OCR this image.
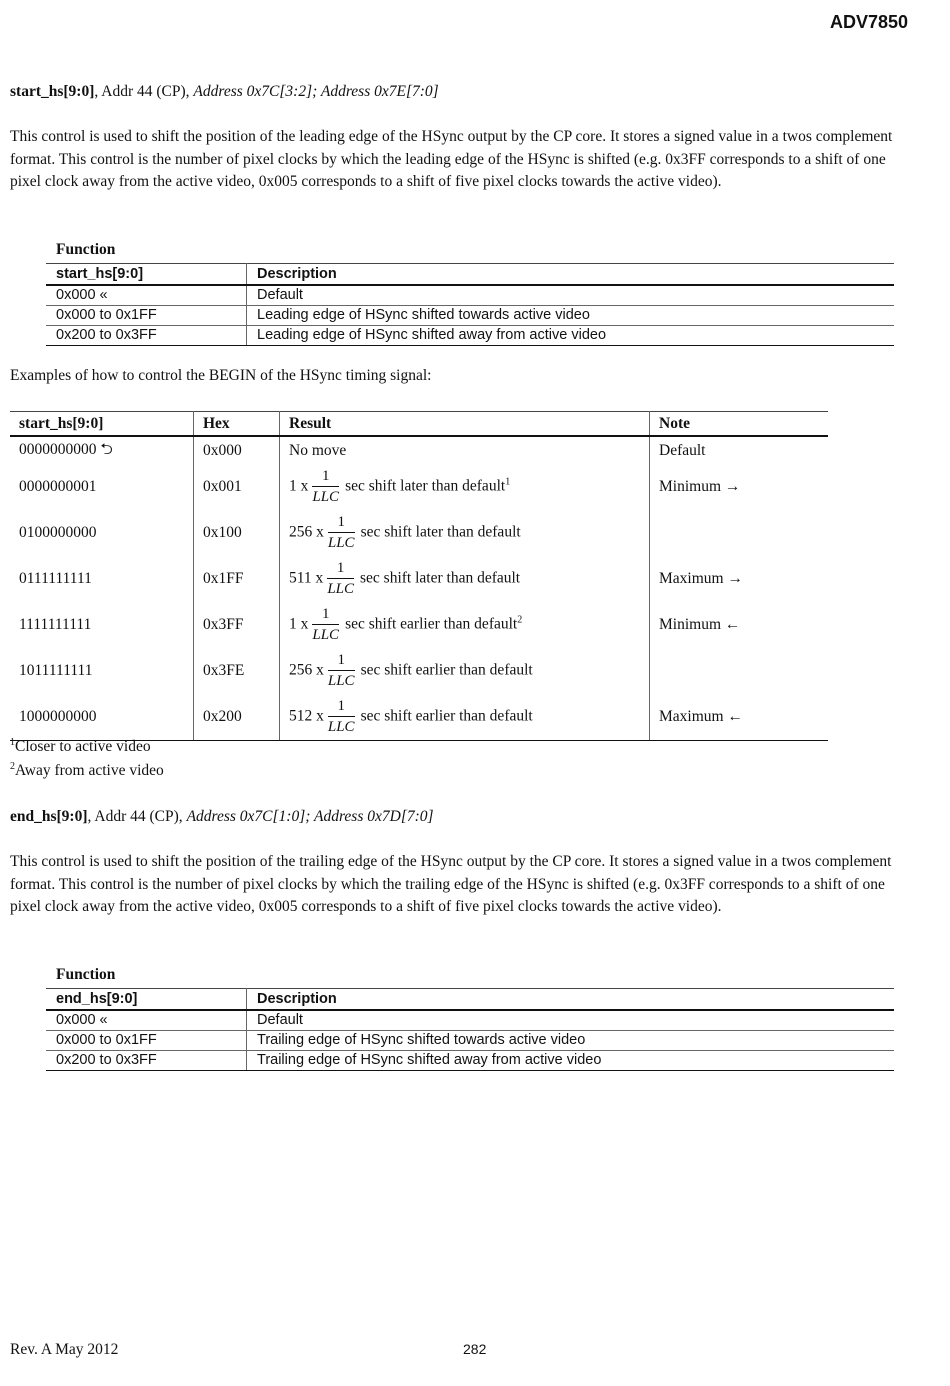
ADV7850
start_hs[9:0], Addr 44 (CP), Address 0x7C[3:2]; Address 0x7E[7:0]
This control is used to shift the position of the leading edge of the HSync output by the CP core. It stores a signed value in a twos complement format. This control is the number of pixel clocks by which the leading edge of the HSync is shifted (e.g. 0x3FF corresponds to a shift of one pixel clock away from the active video, 0x005 corresponds to a shift of five pixel clocks towards the active video).
Function
start_hs[9:0]	Description
0x000 «	Default
0x000 to 0x1FF	Leading edge of HSync shifted towards active video
0x200 to 0x3FF	Leading edge of HSync shifted away from active video
Examples of how to control the BEGIN of the HSync timing signal:
start_hs[9:0]	Hex	Result	Note
0000000000 ⮌	0x000	No move	Default
0000000001	0x001	1 x $\frac{1}{\text{LLC}}$ sec shift later than default$^1$	Minimum →
0100000000	0x100	256 x $\frac{1}{\text{LLC}}$ sec shift later than default	
0111111111	0x1FF	511 x $\frac{1}{\text{LLC}}$ sec shift later than default	Maximum →
1111111111	0x3FF	1 x $\frac{1}{\text{LLC}}$ sec shift earlier than default$^2$	Minimum ←
1011111111	0x3FE	256 x $\frac{1}{\text{LLC}}$ sec shift earlier than default	
1000000000	0x200	512 x $\frac{1}{\text{LLC}}$ sec shift earlier than default	Maximum ←
$^1$Closer to active video
$^2$Away from active video
end_hs[9:0], Addr 44 (CP), Address 0x7C[1:0]; Address 0x7D[7:0]
This control is used to shift the position of the trailing edge of the HSync output by the CP core. It stores a signed value in a twos complement format. This control is the number of pixel clocks by which the trailing edge of the HSync is shifted (e.g. 0x3FF corresponds to a shift of one pixel clock away from the active video, 0x005 corresponds to a shift of five pixel clocks towards the active video).
Function
end_hs[9:0]	Description
0x000 «	Default
0x000 to 0x1FF	Trailing edge of HSync shifted towards active video
0x200 to 0x3FF	Trailing edge of HSync shifted away from active video
Rev. A May 2012	282
